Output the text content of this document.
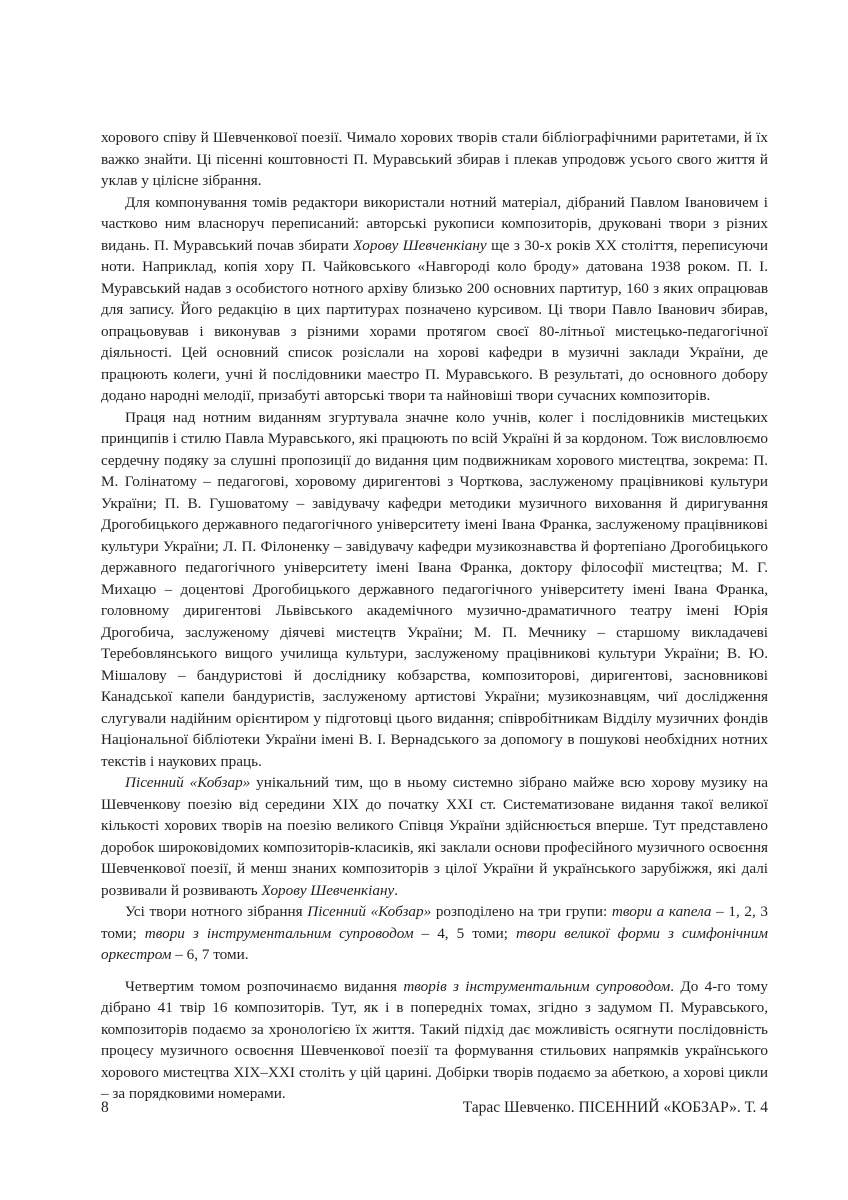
хорового співу й Шевченкової поезії. Чимало хорових творів стали бібліографічними раритетами, й їх важко знайти. Ці пісенні коштовності П. Муравський збирав і плекав упродовж усього свого життя й уклав у цілісне зібрання.

Для компонування томів редактори використали нотний матеріал, дібраний Павлом Івановичем і частково ним власноруч переписаний: авторські рукописи композиторів, друковані твори з різних видань. П. Муравський почав збирати Хорову Шевченкіану ще з 30-х років XX століття, переписуючи ноти. Наприклад, копія хору П. Чайковського «Навгороді коло броду» датована 1938 роком. П. І. Муравський надав з особистого нотного архіву близько 200 основних партитур, 160 з яких опрацював для запису. Його редакцію в цих партитурах позначено курсивом. Ці твори Павло Іванович збирав, опрацьовував і виконував з різними хорами протягом своєї 80-літньої мистецько-педагогічної діяльності. Цей основний список розіслали на хорові кафедри в музичні заклади України, де працюють колеги, учні й послідовники маестро П. Муравського. В результаті, до основного добору додано народні мелодії, призабуті авторські твори та найновіші твори сучасних композиторів.

Праця над нотним виданням згуртувала значне коло учнів, колег і послідовників мистецьких принципів і стилю Павла Муравського, які працюють по всій Україні й за кордоном. Тож висловлюємо сердечну подяку за слушні пропозиції до видання цим подвижникам хорового мистецтва, зокрема: П. М. Голінатому – педагогові, хоровому диригентові з Чорткова, заслуженому працівникові культури України; П. В. Гушоватому – завідувачу кафедри методики музичного виховання й диригування Дрогобицького державного педагогічного університету імені Івана Франка, заслуженому працівникові культури України; Л. П. Філоненку – завідувачу кафедри музикознавства й фортепіано Дрогобицького державного педагогічного університету імені Івана Франка, доктору філософії мистецтва; М. Г. Михацю – доцентові Дрогобицького державного педагогічного університету імені Івана Франка, головному диригентові Львівського академічного музично-драматичного театру імені Юрія Дрогобича, заслуженому діячеві мистецтв України; М. П. Мечнику – старшому викладачеві Теребовлянського вищого училища культури, заслуженому працівникові культури України; В. Ю. Мішалову – бандуристові й досліднику кобзарства, композиторові, диригентові, засновникові Канадської капели бандуристів, заслуженому артистові України; музикознавцям, чиї дослідження слугували надійним орієнтиром у підготовці цього видання; співробітникам Відділу музичних фондів Національної бібліотеки України імені В. І. Вернадського за допомогу в пошукові необхідних нотних текстів і наукових праць.

Пісенний «Кобзар» унікальний тим, що в ньому системно зібрано майже всю хорову музику на Шевченкову поезію від середини XIX до початку XXI ст. Систематизоване видання такої великої кількості хорових творів на поезію великого Співця України здійснюється вперше. Тут представлено доробок широковідомих композиторів-класиків, які заклали основи професійного музичного освоєння Шевченкової поезії, й менш знаних композиторів з цілої України й українського зарубіжжя, які далі розвивали й розвивають Хорову Шевченкіану.

Усі твори нотного зібрання Пісенний «Кобзар» розподілено на три групи: твори а капела – 1, 2, 3 томи; твори з інструментальним супроводом – 4, 5 томи; твори великої форми з симфонічним оркестром – 6, 7 томи.

Четвертим томом розпочинаємо видання творів з інструментальним супроводом. До 4-го тому дібрано 41 твір 16 композиторів. Тут, як і в попередніх томах, згідно з задумом П. Муравського, композиторів подаємо за хронологією їх життя. Такий підхід дає можливість осягнути послідовність процесу музичного освоєння Шевченкової поезії та формування стильових напрямків українського хорового мистецтва XIX–XXI століть у цій царині. Добірки творів подаємо за абеткою, а хорові цикли – за порядковими номерами.

8	Тарас Шевченко. ПІСЕННИЙ «КОБЗАР». Т. 4
